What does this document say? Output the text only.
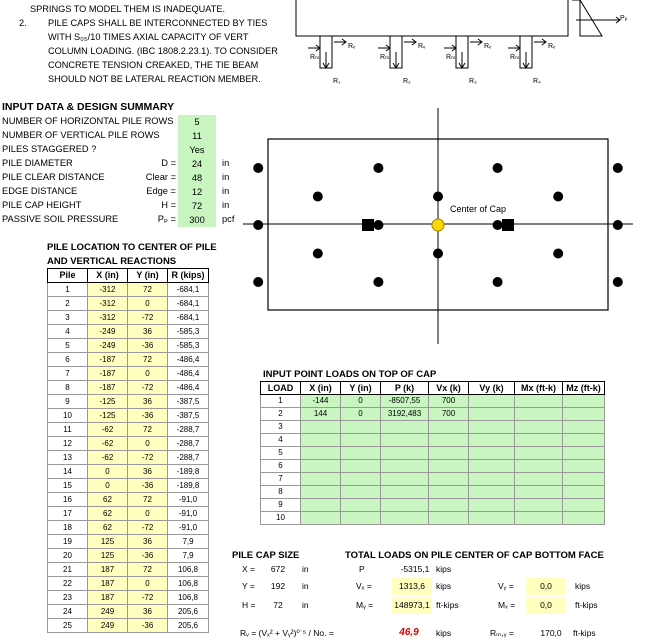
SPRINGS TO MODEL THEM IS INADEQUATE.
2. PILE CAPS SHALL BE INTERCONNECTED BY TIES
WITH S₀₅/10 TIMES AXIAL CAPACITY OF VERT
COLUMN LOADING. (IBC 1808.2.23.1). TO CONSIDER
CONCRETE TENSION CREAKED, THE TIE BEAM
SHOULD NOT BE LATERAL REACTION MEMBER.
Pₚ
Rₘ
Rᵥ
R₁
Rₘ
Rᵥ
R₂
Rₘ
Rᵥ
R₃
Rₘ
Rᵥ
R₄
INPUT DATA & DESIGN SUMMARY
NUMBER OF HORIZONTAL PILE ROWS	5
NUMBER OF VERTICAL PILE ROWS	11
PILES STAGGERED ?	Yes
PILE DIAMETER	D =	24	in
PILE CLEAR DISTANCE	Clear =	48	in
EDGE DISTANCE	Edge =	12	in
PILE CAP HEIGHT	H =	72	in
PASSIVE SOIL PRESSURE	Pₚ =	300	pcf
PILE LOCATION TO CENTER OF PILE
AND VERTICAL REACTIONS
Pile	X (in)	Y (in)	R (kips)
1	-312	72	-684,1
2	-312	0	-684,1
3	-312	-72	-684,1
4	-249	36	-585,3
5	-249	-36	-585,3
6	-187	72	-486,4
7	-187	0	-486,4
8	-187	-72	-486,4
9	-125	36	-387,5
10	-125	-36	-387,5
11	-62	72	-288,7
12	-62	0	-288,7
13	-62	-72	-288,7
14	0	36	-189,8
15	0	-36	-189,8
16	62	72	-91,0
17	62	0	-91,0
18	62	-72	-91,0
19	125	36	7,9
20	125	-36	7,9
21	187	72	106,8
22	187	0	106,8
23	187	-72	106,8
24	249	36	205,6
25	249	-36	205,6
Center of Cap
INPUT POINT LOADS ON TOP OF CAP
LOAD	X (in)	Y (in)	P (k)	Vx (k)	Vy (k)	Mx (ft-k)	Mz (ft-k)
1	-144	0	-8507,55	700			
2	144	0	3192,483	700			
3							
4							
5							
6							
7							
8							
9							
10							
PILE CAP SIZE
X =	672	in
Y =	192	in
H =	72	in
TOTAL LOADS ON PILE CENTER OF CAP BOTTOM FACE
P	-5315,1 kips
Vₓ =	1313,6	kips	Vᵧ =	0,0	kips
Mᵧ = 148973,1 ft-kips	Mₓ =	0,0	ft-kips
Rᵥ = (Vₓ² + Vᵧ²)⁰˙⁵ / No. =	46,9	kips	Rₘ,ᵧ =	170,0	ft-kips
